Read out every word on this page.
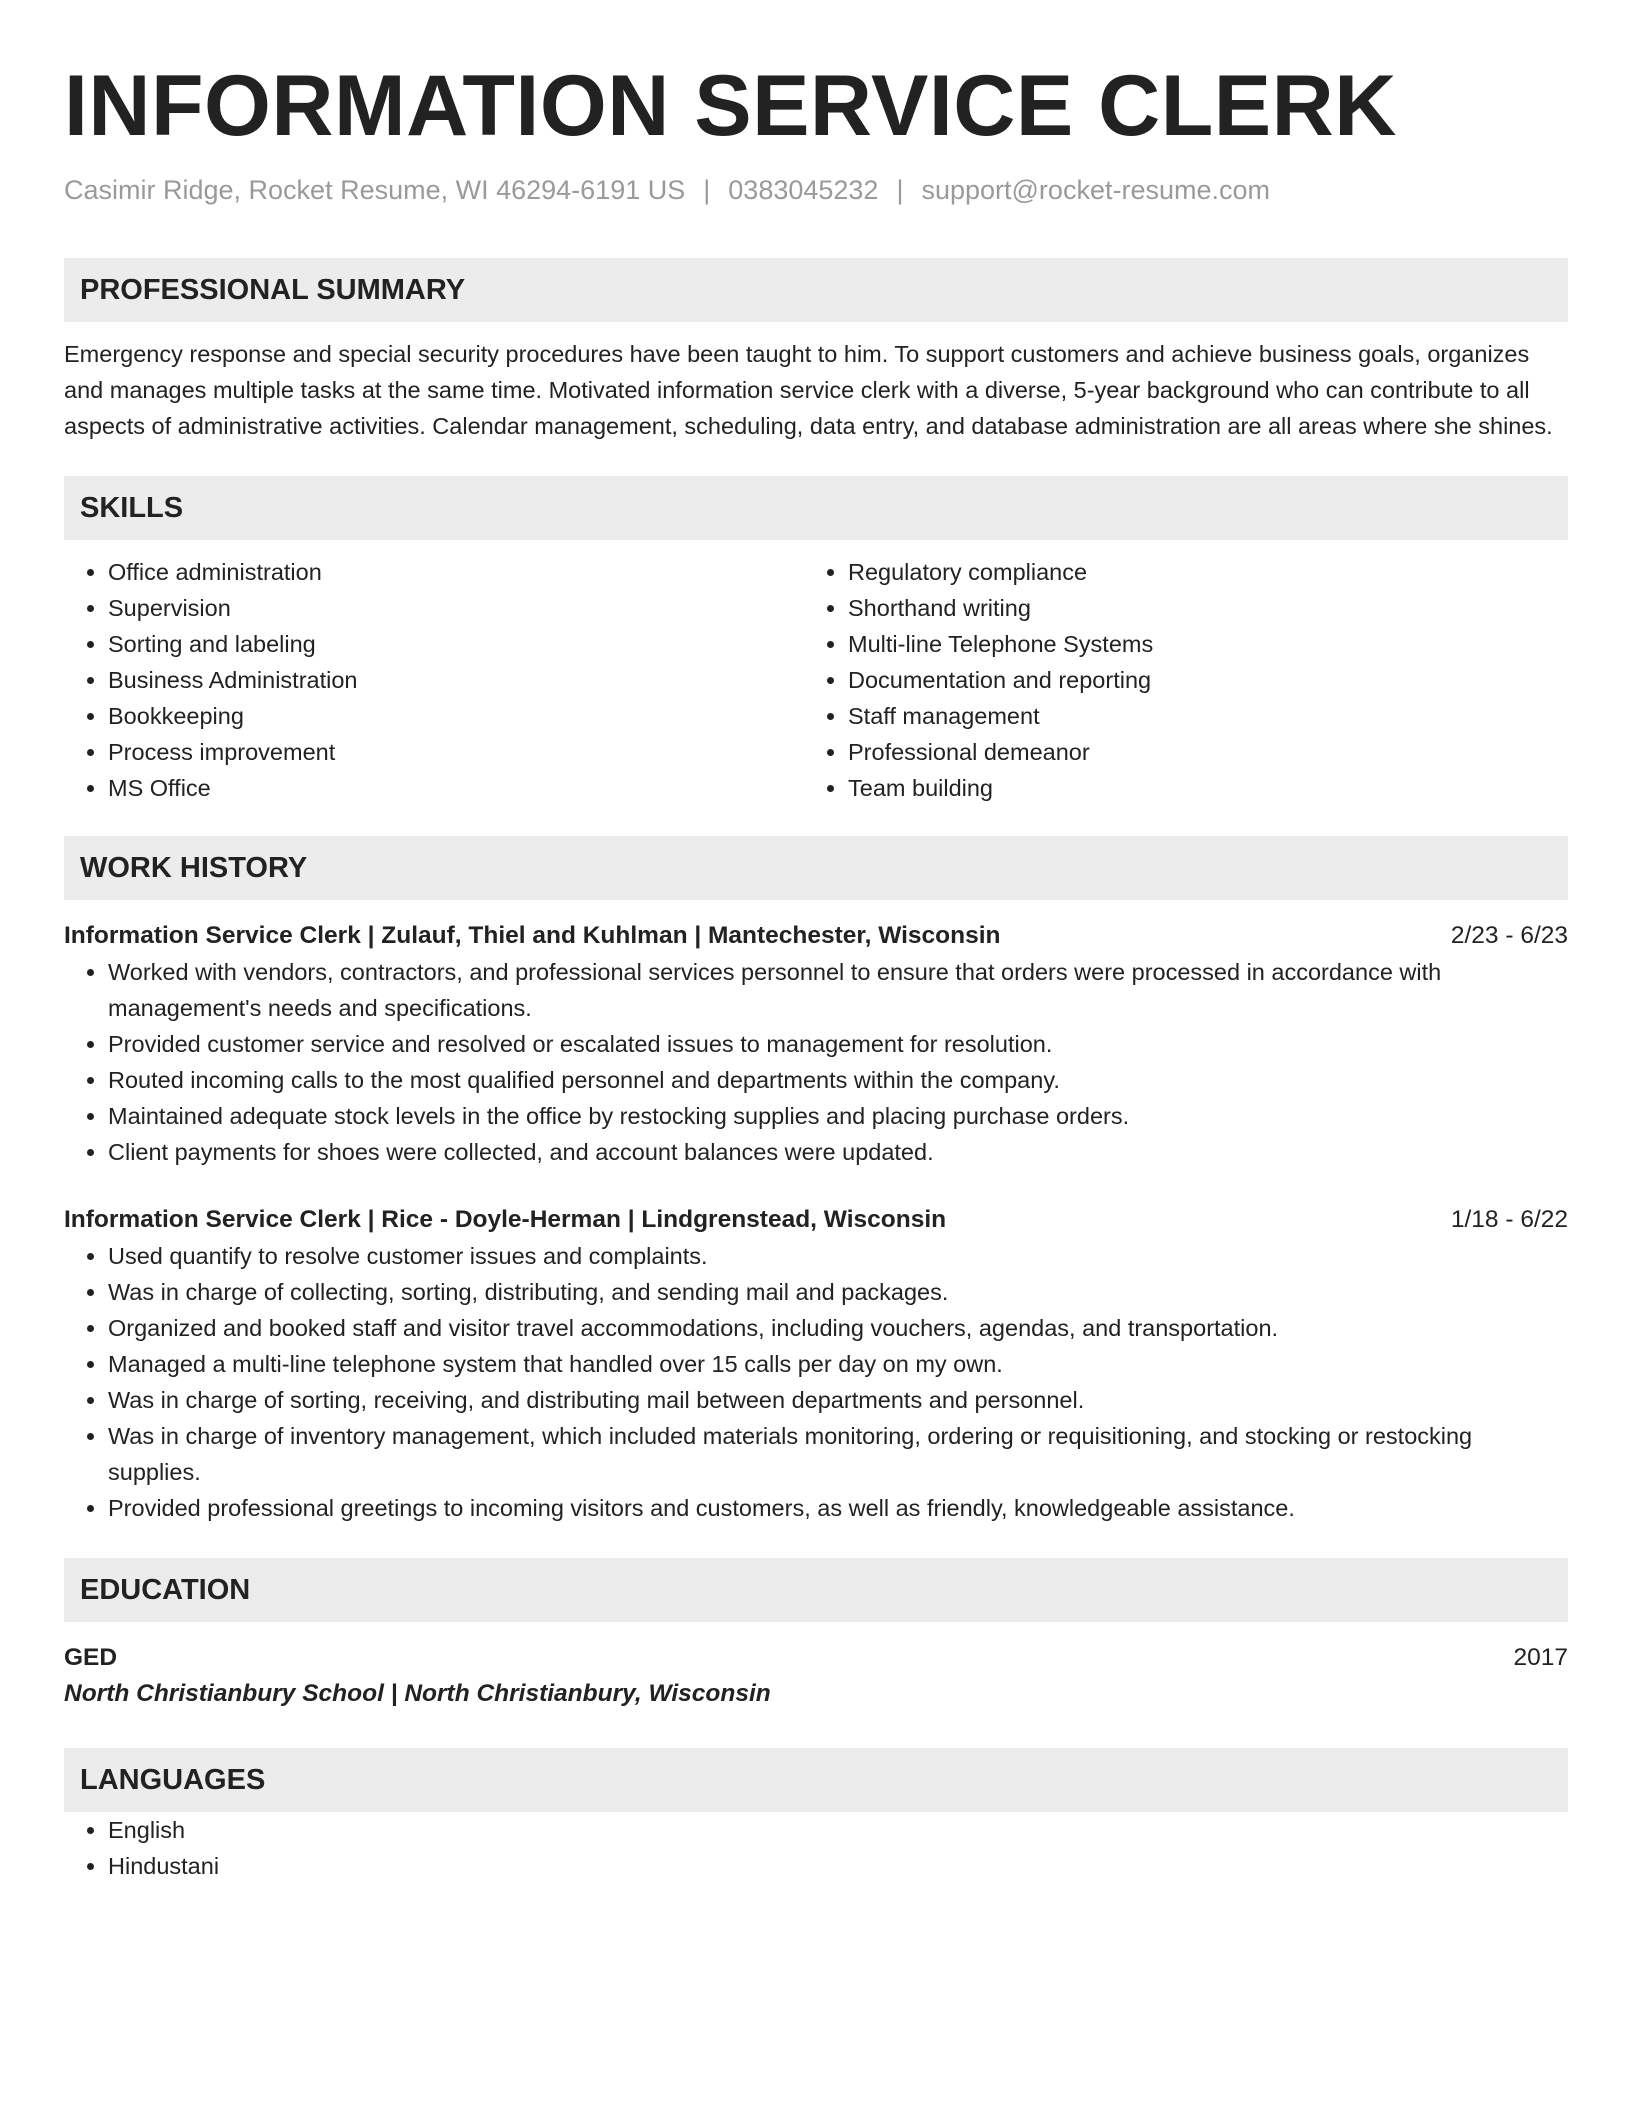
INFORMATION SERVICE CLERK
Casimir Ridge, Rocket Resume, WI 46294-6191 US | 0383045232 | support@rocket-resume.com
PROFESSIONAL SUMMARY
Emergency response and special security procedures have been taught to him. To support customers and achieve business goals, organizes and manages multiple tasks at the same time. Motivated information service clerk with a diverse, 5-year background who can contribute to all aspects of administrative activities. Calendar management, scheduling, data entry, and database administration are all areas where she shines.
SKILLS
• Office administration
• Supervision
• Sorting and labeling
• Business Administration
• Bookkeeping
• Process improvement
• MS Office
• Regulatory compliance
• Shorthand writing
• Multi-line Telephone Systems
• Documentation and reporting
• Staff management
• Professional demeanor
• Team building
WORK HISTORY
Information Service Clerk | Zulauf, Thiel and Kuhlman | Mantechester, Wisconsin	2/23 - 6/23
• Worked with vendors, contractors, and professional services personnel to ensure that orders were processed in accordance with management's needs and specifications.
• Provided customer service and resolved or escalated issues to management for resolution.
• Routed incoming calls to the most qualified personnel and departments within the company.
• Maintained adequate stock levels in the office by restocking supplies and placing purchase orders.
• Client payments for shoes were collected, and account balances were updated.
Information Service Clerk | Rice - Doyle-Herman | Lindgrenstead, Wisconsin	1/18 - 6/22
• Used quantify to resolve customer issues and complaints.
• Was in charge of collecting, sorting, distributing, and sending mail and packages.
• Organized and booked staff and visitor travel accommodations, including vouchers, agendas, and transportation.
• Managed a multi-line telephone system that handled over 15 calls per day on my own.
• Was in charge of sorting, receiving, and distributing mail between departments and personnel.
• Was in charge of inventory management, which included materials monitoring, ordering or requisitioning, and stocking or restocking supplies.
• Provided professional greetings to incoming visitors and customers, as well as friendly, knowledgeable assistance.
EDUCATION
GED	2017
North Christianbury School | North Christianbury, Wisconsin
LANGUAGES
• English
• Hindustani
